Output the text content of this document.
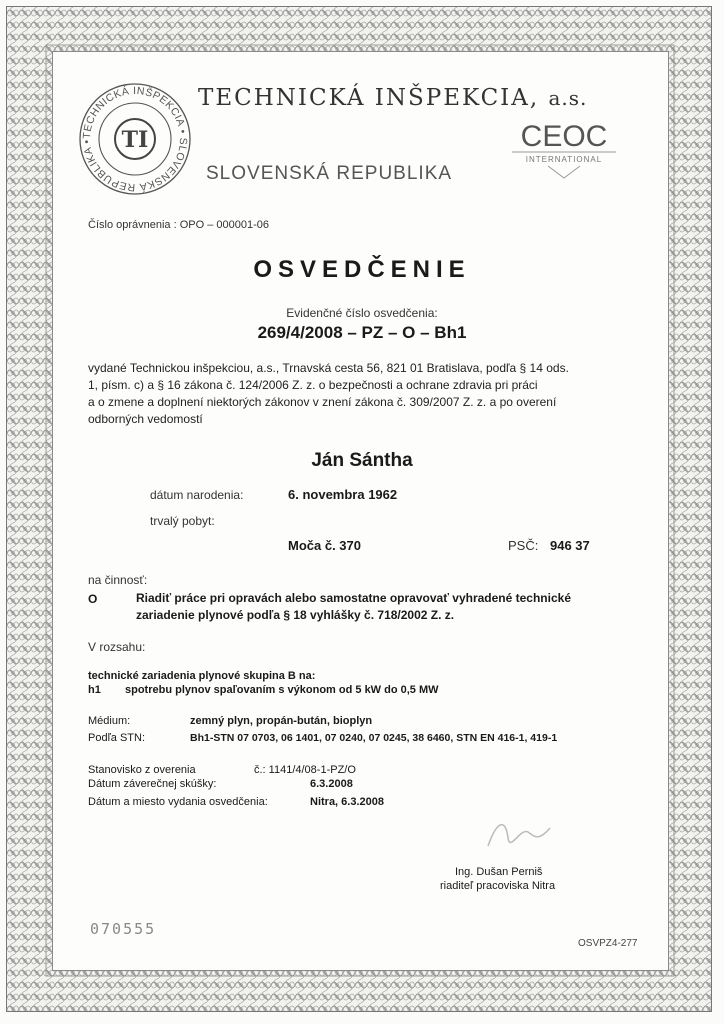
TECHNICKÁ INŠPEKCIA • SLOVENSKÁ REPUBLIKA •	TI
TECHNICKÁ INŠPEKCIA, a.s.
SLOVENSKÁ REPUBLIKA
CEOC
INTERNATIONAL
Číslo oprávnenia : OPO – 000001-06
OSVEDČENIE
Evidenčné číslo osvedčenia:
269/4/2008 – PZ – O – Bh1
vydané Technickou inšpekciou, a.s., Trnavská cesta 56, 821 01 Bratislava, podľa § 14 ods.
1, písm. c) a § 16 zákona č. 124/2006 Z. z. o bezpečnosti a ochrane zdravia pri práci
a o zmene a doplnení niektorých zákonov v znení zákona č. 309/2007 Z. z. a po overení
odborných vedomostí
Ján Sántha
dátum narodenia:	6. novembra 1962
trvalý pobyt:
Moča č. 370	PSČ: 946 37
na činnosť:
O	Riadiť práce pri opravách alebo samostatne opravovať vyhradené technické
zariadenie plynové podľa § 18 vyhlášky č. 718/2002 Z. z.
V rozsahu:
technické zariadenia plynové skupina B na:
h1 spotrebu plynov spaľovaním s výkonom od 5 kW do 0,5 MW
Médium:	zemný plyn, propán-bután, bioplyn
Podľa STN:	Bh1-STN 07 0703, 06 1401, 07 0240, 07 0245, 38 6460, STN EN 416-1, 419-1
Stanovisko z overenia	č.: 1141/4/08-1-PZ/O
Dátum záverečnej skúšky:	6.3.2008
Dátum a miesto vydania osvedčenia:	Nitra, 6.3.2008
Ing. Dušan Perniš
riaditeľ pracoviska Nitra
070555
OSVPZ4-277
